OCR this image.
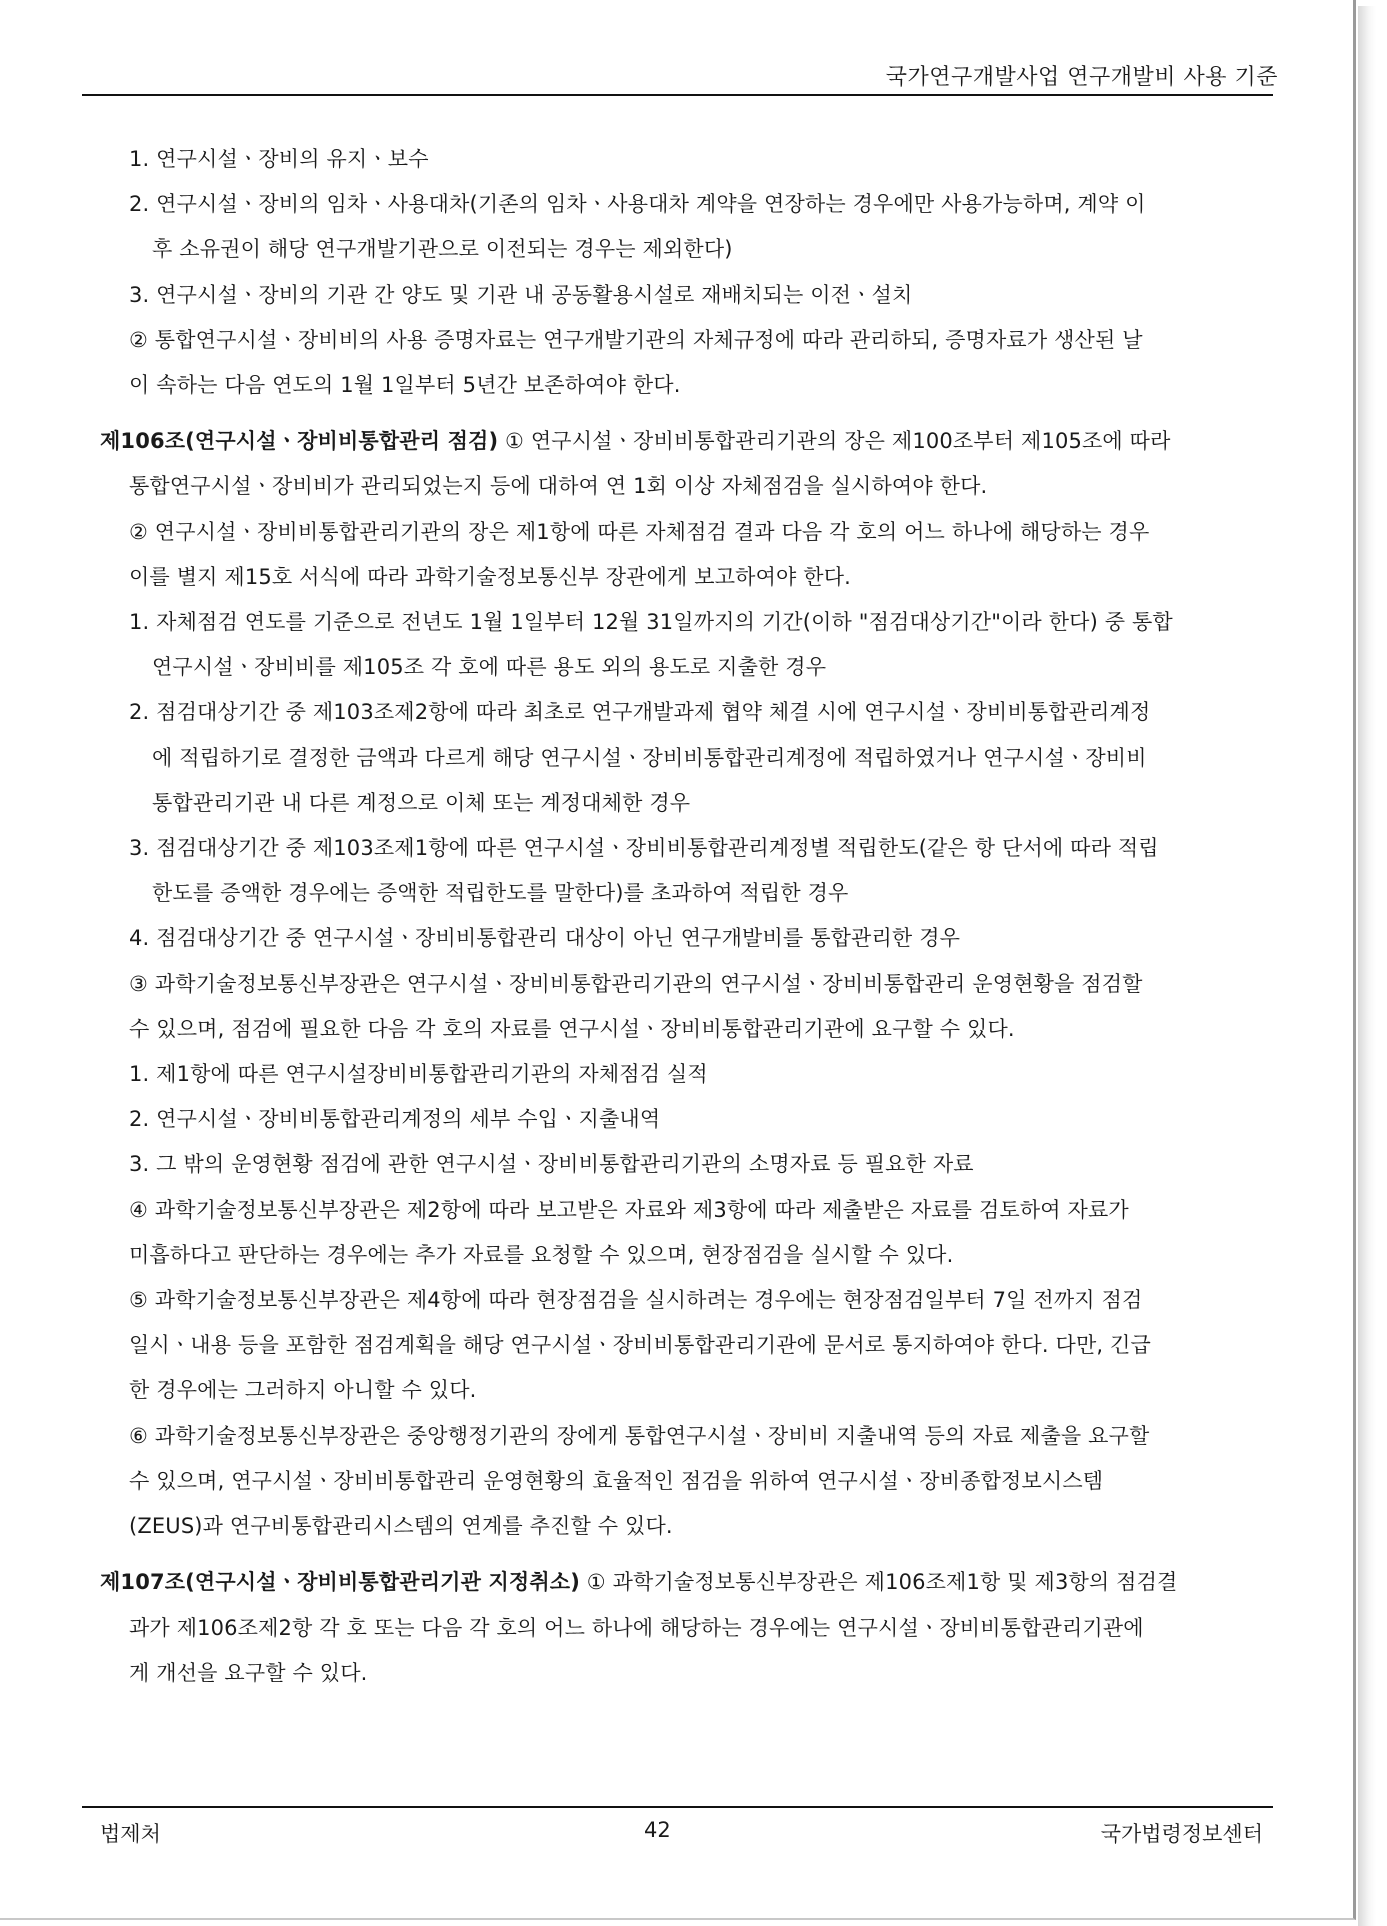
국가연구개발사업 연구개발비 사용 기준
1. 연구시설ㆍ장비의 유지ㆍ보수
2. 연구시설ㆍ장비의 임차ㆍ사용대차(기존의 임차ㆍ사용대차 계약을 연장하는 경우에만 사용가능하며, 계약 이
후 소유권이 해당 연구개발기관으로 이전되는 경우는 제외한다)
3. 연구시설ㆍ장비의 기관 간 양도 및 기관 내 공동활용시설로 재배치되는 이전ㆍ설치
② 통합연구시설ㆍ장비비의 사용 증명자료는 연구개발기관의 자체규정에 따라 관리하되, 증명자료가 생산된 날
이 속하는 다음 연도의 1월 1일부터 5년간 보존하여야 한다.
제106조(연구시설ㆍ장비비통합관리 점검) ① 연구시설ㆍ장비비통합관리기관의 장은 제100조부터 제105조에 따라
통합연구시설ㆍ장비비가 관리되었는지 등에 대하여 연 1회 이상 자체점검을 실시하여야 한다.
② 연구시설ㆍ장비비통합관리기관의 장은 제1항에 따른 자체점검 결과 다음 각 호의 어느 하나에 해당하는 경우
이를 별지 제15호 서식에 따라 과학기술정보통신부 장관에게 보고하여야 한다.
1. 자체점검 연도를 기준으로 전년도 1월 1일부터 12월 31일까지의 기간(이하 "점검대상기간"이라 한다) 중 통합
연구시설ㆍ장비비를 제105조 각 호에 따른 용도 외의 용도로 지출한 경우
2. 점검대상기간 중 제103조제2항에 따라 최초로 연구개발과제 협약 체결 시에 연구시설ㆍ장비비통합관리계정
에 적립하기로 결정한 금액과 다르게 해당 연구시설ㆍ장비비통합관리계정에 적립하였거나 연구시설ㆍ장비비
통합관리기관 내 다른 계정으로 이체 또는 계정대체한 경우
3. 점검대상기간 중 제103조제1항에 따른 연구시설ㆍ장비비통합관리계정별 적립한도(같은 항 단서에 따라 적립
한도를 증액한 경우에는 증액한 적립한도를 말한다)를 초과하여 적립한 경우
4. 점검대상기간 중 연구시설ㆍ장비비통합관리 대상이 아닌 연구개발비를 통합관리한 경우
③ 과학기술정보통신부장관은 연구시설ㆍ장비비통합관리기관의 연구시설ㆍ장비비통합관리 운영현황을 점검할
수 있으며, 점검에 필요한 다음 각 호의 자료를 연구시설ㆍ장비비통합관리기관에 요구할 수 있다.
1. 제1항에 따른 연구시설장비비통합관리기관의 자체점검 실적
2. 연구시설ㆍ장비비통합관리계정의 세부 수입ㆍ지출내역
3. 그 밖의 운영현황 점검에 관한 연구시설ㆍ장비비통합관리기관의 소명자료 등 필요한 자료
④ 과학기술정보통신부장관은 제2항에 따라 보고받은 자료와 제3항에 따라 제출받은 자료를 검토하여 자료가
미흡하다고 판단하는 경우에는 추가 자료를 요청할 수 있으며, 현장점검을 실시할 수 있다.
⑤ 과학기술정보통신부장관은 제4항에 따라 현장점검을 실시하려는 경우에는 현장점검일부터 7일 전까지 점검
일시ㆍ내용 등을 포함한 점검계획을 해당 연구시설ㆍ장비비통합관리기관에 문서로 통지하여야 한다. 다만, 긴급
한 경우에는 그러하지 아니할 수 있다.
⑥ 과학기술정보통신부장관은 중앙행정기관의 장에게 통합연구시설ㆍ장비비 지출내역 등의 자료 제출을 요구할
수 있으며, 연구시설ㆍ장비비통합관리 운영현황의 효율적인 점검을 위하여 연구시설ㆍ장비종합정보시스템
(ZEUS)과 연구비통합관리시스템의 연계를 추진할 수 있다.
제107조(연구시설ㆍ장비비통합관리기관 지정취소) ① 과학기술정보통신부장관은 제106조제1항 및 제3항의 점검결
과가 제106조제2항 각 호 또는 다음 각 호의 어느 하나에 해당하는 경우에는 연구시설ㆍ장비비통합관리기관에
게 개선을 요구할 수 있다.
법제처	42	국가법령정보센터
